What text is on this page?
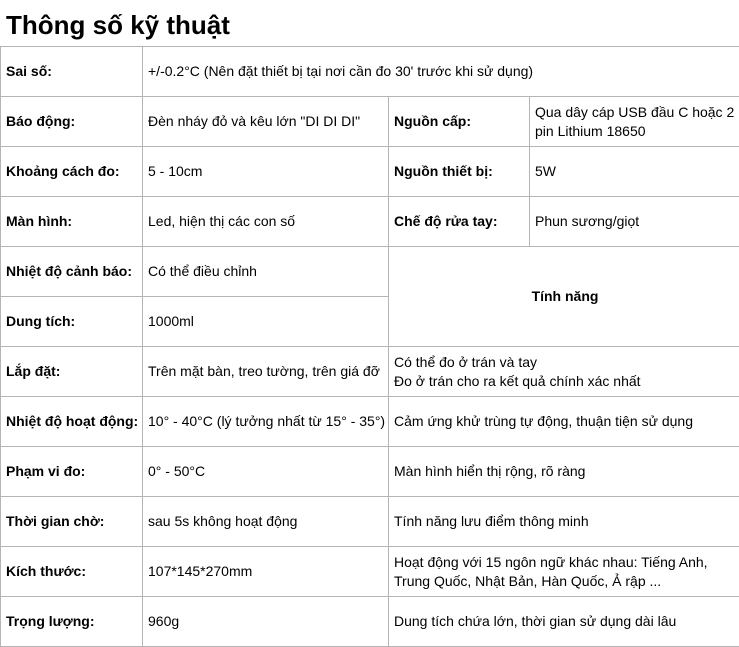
Thông số kỹ thuật
Sai số:	+/-0.2°C (Nên đặt thiết bị tại nơi cần đo 30' trước khi sử dụng)		
Báo động:	Đèn nháy đỏ và kêu lớn "DI DI DI"	Nguồn cấp:	Qua dây cáp USB đầu C hoặc 2 pin Lithium 18650
Khoảng cách đo:	5 - 10cm	Nguồn thiết bị:	5W
Màn hình:	Led, hiện thị các con số	Chế độ rửa tay:	Phun sương/giọt
Nhiệt độ cảnh báo:	Có thể điều chỉnh	Tính năng	
Dung tích:	1000ml		
Lắp đặt:	Trên mặt bàn, treo tường, trên giá đỡ	Có thể đo ở trán và tay
Đo ở trán cho ra kết quả chính xác nhất	

Nhiệt độ hoạt động:	10° - 40°C (lý tưởng nhất từ 15° - 35°)	Cảm ứng khử trùng tự động, thuận tiện sử dụng	

Phạm vi đo:	0° - 50°C	Màn hình hiển thị rộng, rõ ràng	

Thời gian chờ:	sau 5s không hoạt động	Tính năng lưu điểm thông minh	

Kích thước:	107*145*270mm	Hoạt động với 15 ngôn ngữ khác nhau: Tiếng Anh,
Trung Quốc, Nhật Bản, Hàn Quốc, Ả rập ...	

Trọng lượng:	960g	Dung tích chứa lớn, thời gian sử dụng dài lâu	
